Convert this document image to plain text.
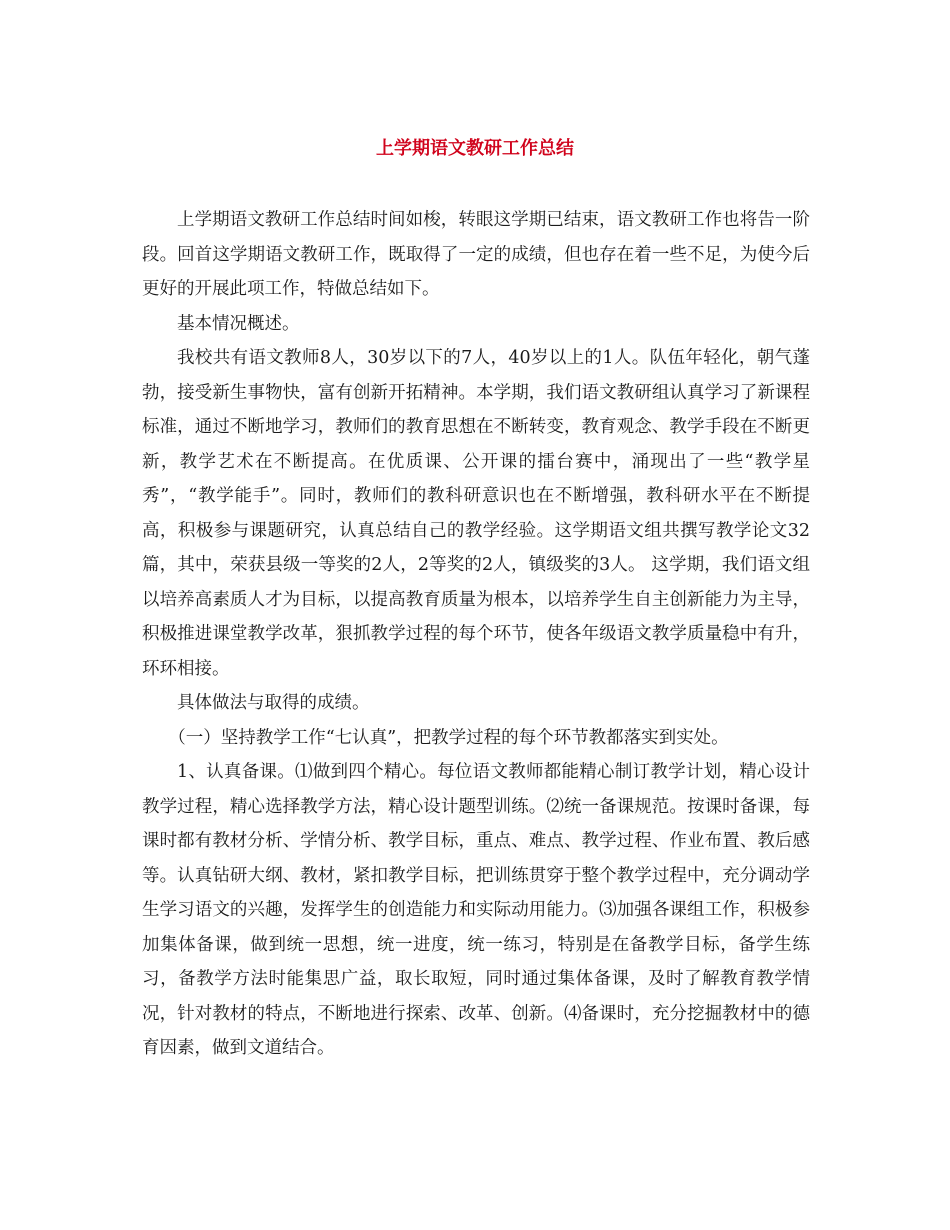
上学期语文教研工作总结

上学期语文教研工作总结时间如梭，转眼这学期已结束，语文教研工作也将告一阶段。回首这学期语文教研工作，既取得了一定的成绩，但也存在着一些不足，为使今后更好的开展此项工作，特做总结如下。

基本情况概述。

我校共有语文教师8人，30岁以下的7人，40岁以上的1人。队伍年轻化，朝气蓬勃，接受新生事物快，富有创新开拓精神。本学期，我们语文教研组认真学习了新课程标准，通过不断地学习，教师们的教育思想在不断转变，教育观念、教学手段在不断更新，教学艺术在不断提高。在优质课、公开课的擂台赛中，涌现出了一些“教学星秀”，“教学能手”。同时，教师们的教科研意识也在不断增强，教科研水平在不断提高，积极参与课题研究，认真总结自己的教学经验。这学期语文组共撰写教学论文32篇，其中，荣获县级一等奖的2人，2等奖的2人，镇级奖的3人。 这学期，我们语文组以培养高素质人才为目标，以提高教育质量为根本，以培养学生自主创新能力为主导，积极推进课堂教学改革，狠抓教学过程的每个环节，使各年级语文教学质量稳中有升，环环相接。

具体做法与取得的成绩。

（一）坚持教学工作“七认真”，把教学过程的每个环节教都落实到实处。

1、认真备课。⑴做到四个精心。每位语文教师都能精心制订教学计划，精心设计教学过程，精心选择教学方法，精心设计题型训练。⑵统一备课规范。按课时备课，每课时都有教材分析、学情分析、教学目标，重点、难点、教学过程、作业布置、教后感等。认真钻研大纲、教材，紧扣教学目标，把训练贯穿于整个教学过程中，充分调动学生学习语文的兴趣，发挥学生的创造能力和实际动用能力。⑶加强各课组工作，积极参加集体备课，做到统一思想，统一进度，统一练习，特别是在备教学目标，备学生练习，备教学方法时能集思广益，取长取短，同时通过集体备课，及时了解教育教学情况，针对教材的特点，不断地进行探索、改革、创新。⑷备课时，充分挖掘教材中的德育因素，做到文道结合。
